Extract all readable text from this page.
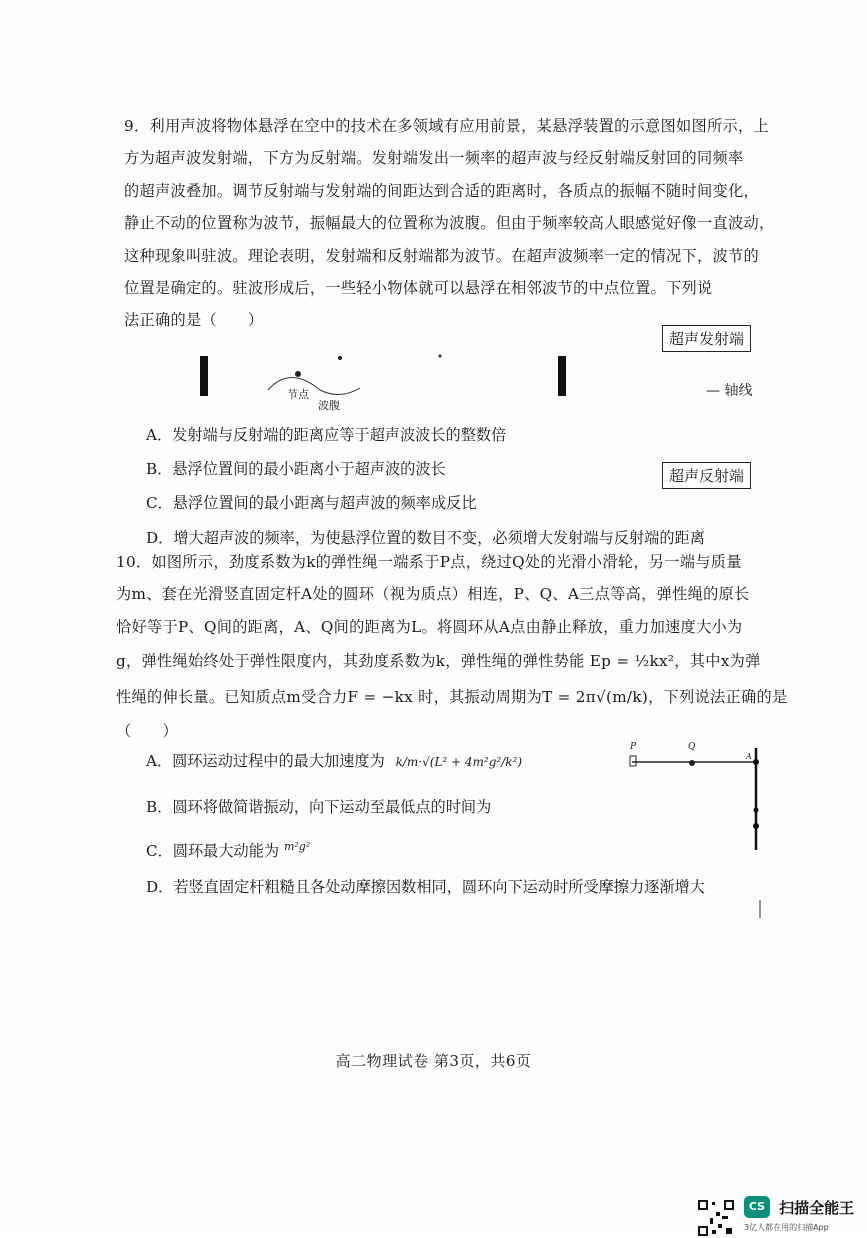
9．利用声波将物体悬浮在空中的技术在多领域有应用前景，某悬浮装置的示意图如图所示，上
方为超声波发射端，下方为反射端。发射端发出一频率的超声波与经反射端反射回的同频率
的超声波叠加。调节反射端与发射端的间距达到合适的距离时，各质点的振幅不随时间变化，
静止不动的位置称为波节，振幅最大的位置称为波腹。但由于频率较高人眼感觉好像一直波动，
这种现象叫驻波。理论表明，发射端和反射端都为波节。在超声波频率一定的情况下，波节的
位置是确定的。驻波形成后，一些轻小物体就可以悬浮在相邻波节的中点位置。下列说
法正确的是（　　）
超声发射端
— 轴线
超声反射端
节点
波腹
A．发射端与反射端的距离应等于超声波波长的整数倍
B．悬浮位置间的最小距离小于超声波的波长
C．悬浮位置间的最小距离与超声波的频率成反比
D．增大超声波的频率，为使悬浮位置的数目不变，必须增大发射端与反射端的距离
10．如图所示，劲度系数为k的弹性绳一端系于P点，绕过Q处的光滑小滑轮，另一端与质量
为m、套在光滑竖直固定杆A处的圆环（视为质点）相连，P、Q、A三点等高，弹性绳的原长
恰好等于P、Q间的距离，A、Q间的距离为L。将圆环从A点由静止释放，重力加速度大小为
g，弹性绳始终处于弹性限度内，其劲度系数为k，弹性绳的弹性势能 Ep = ½kx²，其中x为弹
性绳的伸长量。已知质点m受合力F = −kx 时，其振动周期为T = 2π√(m/k)，下列说法正确的是
（　　）
A．圆环运动过程中的最大加速度为 k/m·√(L² + 4m²g²/k²)
B．圆环将做简谐振动，向下运动至最低点的时间为
C．圆环最大动能为 $^{m^2g^2}$
D．若竖直固定杆粗糙且各处动摩擦因数相同，圆环向下运动时所受摩擦力逐渐增大
P	Q
A
高二物理试卷 第3页，共6页
CS 扫描全能王
3亿人都在用的扫描App
